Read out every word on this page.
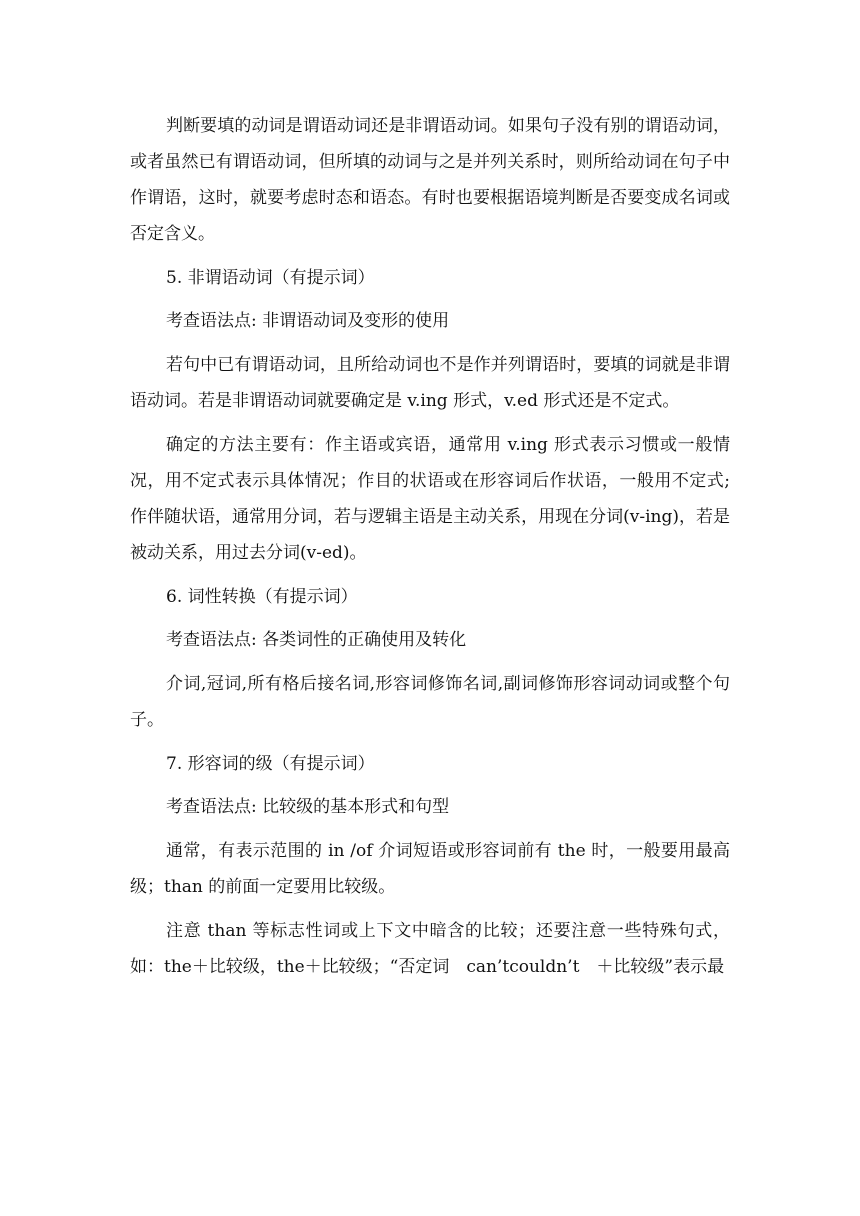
判断要填的动词是谓语动词还是非谓语动词。如果句子没有别的谓语动词，或者虽然已有谓语动词，但所填的动词与之是并列关系时，则所给动词在句子中作谓语，这时，就要考虑时态和语态。有时也要根据语境判断是否要变成名词或否定含义。

5. 非谓语动词（有提示词）

考查语法点: 非谓语动词及变形的使用

若句中已有谓语动词，且所给动词也不是作并列谓语时，要填的词就是非谓语动词。若是非谓语动词就要确定是 v.ing 形式，v.ed 形式还是不定式。

确定的方法主要有：作主语或宾语，通常用 v.ing 形式表示习惯或一般情况，用不定式表示具体情况；作目的状语或在形容词后作状语，一般用不定式; 作伴随状语，通常用分词，若与逻辑主语是主动关系，用现在分词(v-ing)，若是被动关系，用过去分词(v-ed)。

6. 词性转换（有提示词）

考查语法点: 各类词性的正确使用及转化

介词,冠词,所有格后接名词,形容词修饰名词,副词修饰形容词动词或整个句子。

7. 形容词的级（有提示词）

考查语法点: 比较级的基本形式和句型

通常，有表示范围的 in /of 介词短语或形容词前有 the 时，一般要用最高级；than 的前面一定要用比较级。

注意 than 等标志性词或上下文中暗含的比较；还要注意一些特殊句式，如：the＋比较级，the＋比较级；“否定词　can’tcouldn’t　＋比较级”表示最
